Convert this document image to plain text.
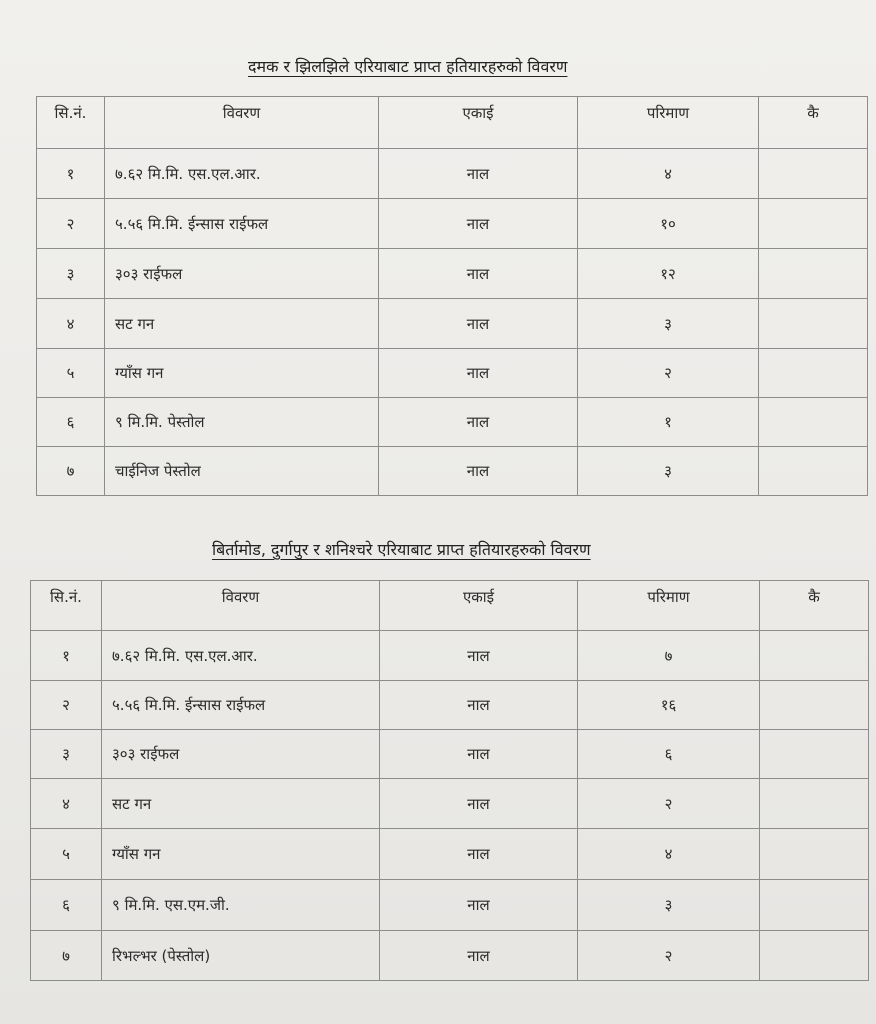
दमक र झिलझिले एरियाबाट प्राप्त हतियारहरुको विवरण
सि.नं.	विवरण	एकाई	परिमाण	कै
१	७.६२ मि.मि. एस.एल.आर.	नाल	४	
२	५.५६ मि.मि. ईन्सास राईफल	नाल	१०	
३	३०३ राईफल	नाल	१२	
४	सट गन	नाल	३	
५	ग्याँस गन	नाल	२	
६	९ मि.मि. पेस्तोल	नाल	१	
७	चाईनिज पेस्तोल	नाल	३	
बिर्तामोड, दुर्गापुर र शनिश्चरे एरियाबाट प्राप्त हतियारहरुको विवरण
सि.नं.	विवरण	एकाई	परिमाण	कै
१	७.६२ मि.मि. एस.एल.आर.	नाल	७	
२	५.५६ मि.मि. ईन्सास राईफल	नाल	१६	
३	३०३ राईफल	नाल	६	
४	सट गन	नाल	२	
५	ग्याँस गन	नाल	४	
६	९ मि.मि. एस.एम.जी.	नाल	३	
७	रिभल्भर (पेस्तोल)	नाल	२	
